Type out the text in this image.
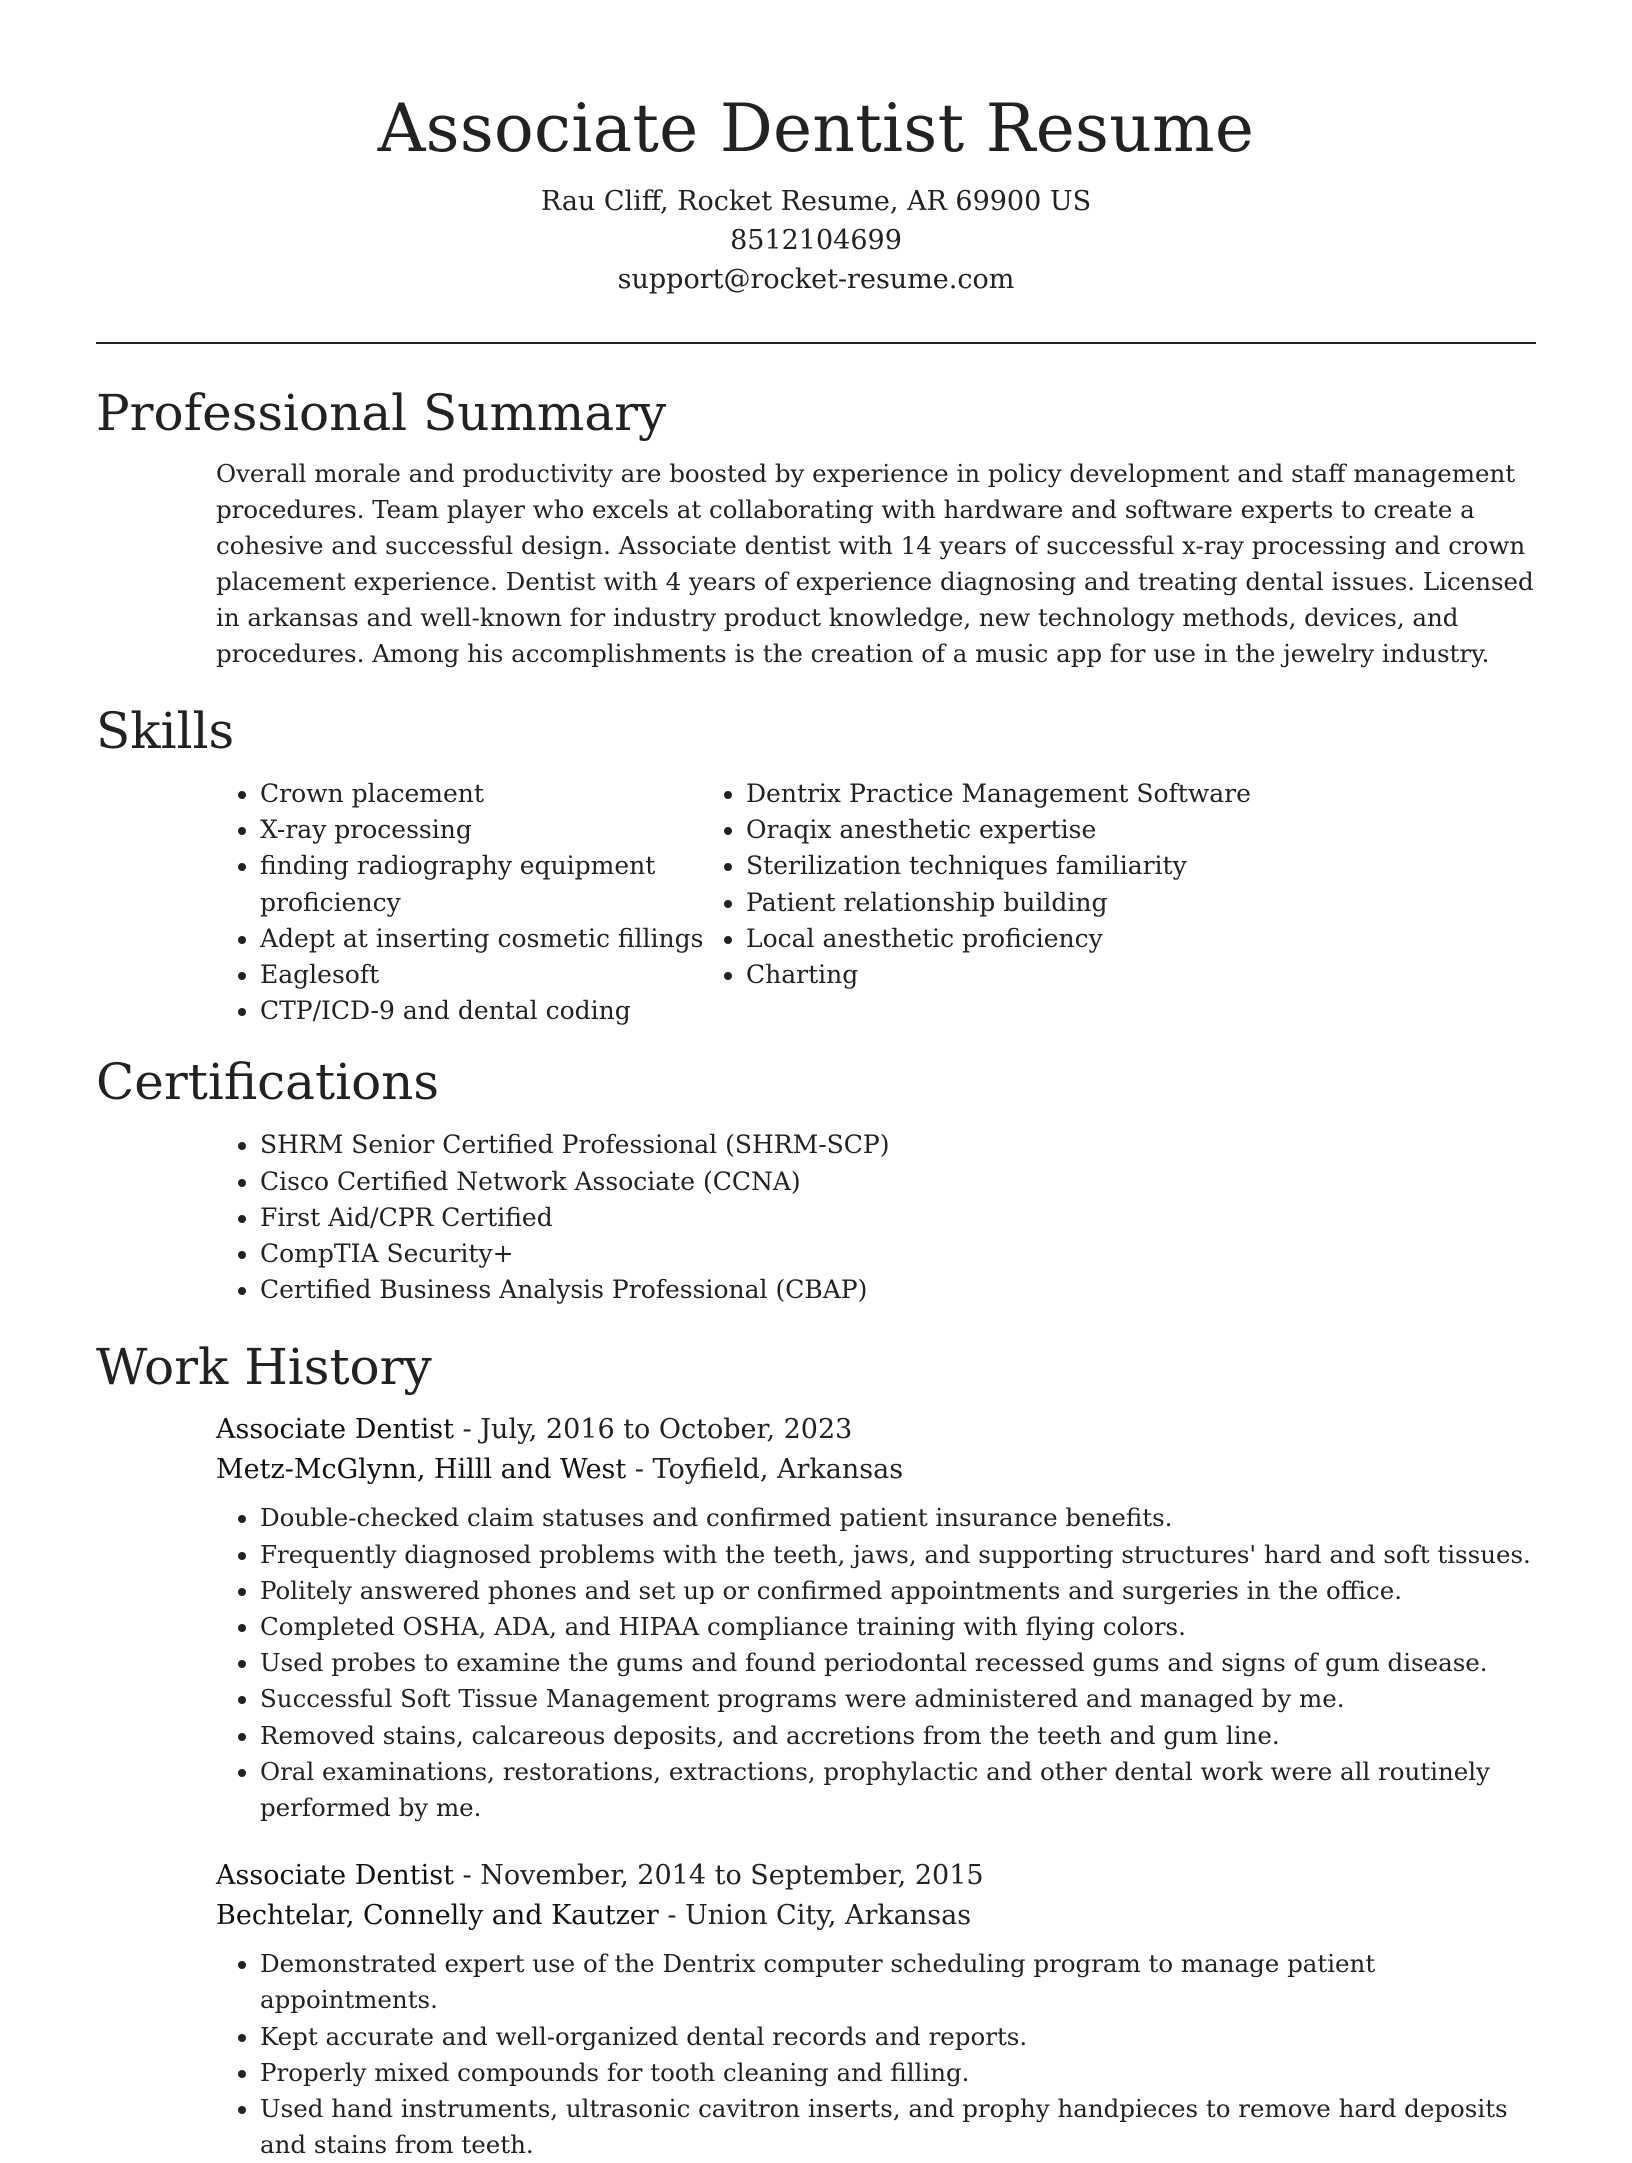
Associate Dentist Resume
Rau Cliff, Rocket Resume, AR 69900 US
8512104699
support@rocket-resume.com
Professional Summary

Overall morale and productivity are boosted by experience in policy development and staff management procedures. Team player who excels at collaborating with hardware and software experts to create a cohesive and successful design. Associate dentist with 14 years of successful x-ray processing and crown placement experience. Dentist with 4 years of experience diagnosing and treating dental issues. Licensed in arkansas and well-known for industry product knowledge, new technology methods, devices, and procedures. Among his accomplishments is the creation of a music app for use in the jewelry industry.

Skills
• Crown placement
• X-ray processing
• finding radiography equipment proficiency
• Adept at inserting cosmetic fillings
• Eaglesoft
• CTP/ICD-9 and dental coding
• Dentrix Practice Management Software
• Oraqix anesthetic expertise
• Sterilization techniques familiarity
• Patient relationship building
• Local anesthetic proficiency
• Charting
Certifications
• SHRM Senior Certified Professional (SHRM-SCP)
• Cisco Certified Network Associate (CCNA)
• First Aid/CPR Certified
• CompTIA Security+
• Certified Business Analysis Professional (CBAP)
Work History
Associate Dentist - July, 2016 to October, 2023
Metz-McGlynn, Hilll and West - Toyfield, Arkansas
• Double-checked claim statuses and confirmed patient insurance benefits.
• Frequently diagnosed problems with the teeth, jaws, and supporting structures' hard and soft tissues.
• Politely answered phones and set up or confirmed appointments and surgeries in the office.
• Completed OSHA, ADA, and HIPAA compliance training with flying colors.
• Used probes to examine the gums and found periodontal recessed gums and signs of gum disease.
• Successful Soft Tissue Management programs were administered and managed by me.
• Removed stains, calcareous deposits, and accretions from the teeth and gum line.
• Oral examinations, restorations, extractions, prophylactic and other dental work were all routinely performed by me.
Associate Dentist - November, 2014 to September, 2015
Bechtelar, Connelly and Kautzer - Union City, Arkansas
• Demonstrated expert use of the Dentrix computer scheduling program to manage patient appointments.
• Kept accurate and well-organized dental records and reports.
• Properly mixed compounds for tooth cleaning and filling.
• Used hand instruments, ultrasonic cavitron inserts, and prophy handpieces to remove hard deposits and stains from teeth.
